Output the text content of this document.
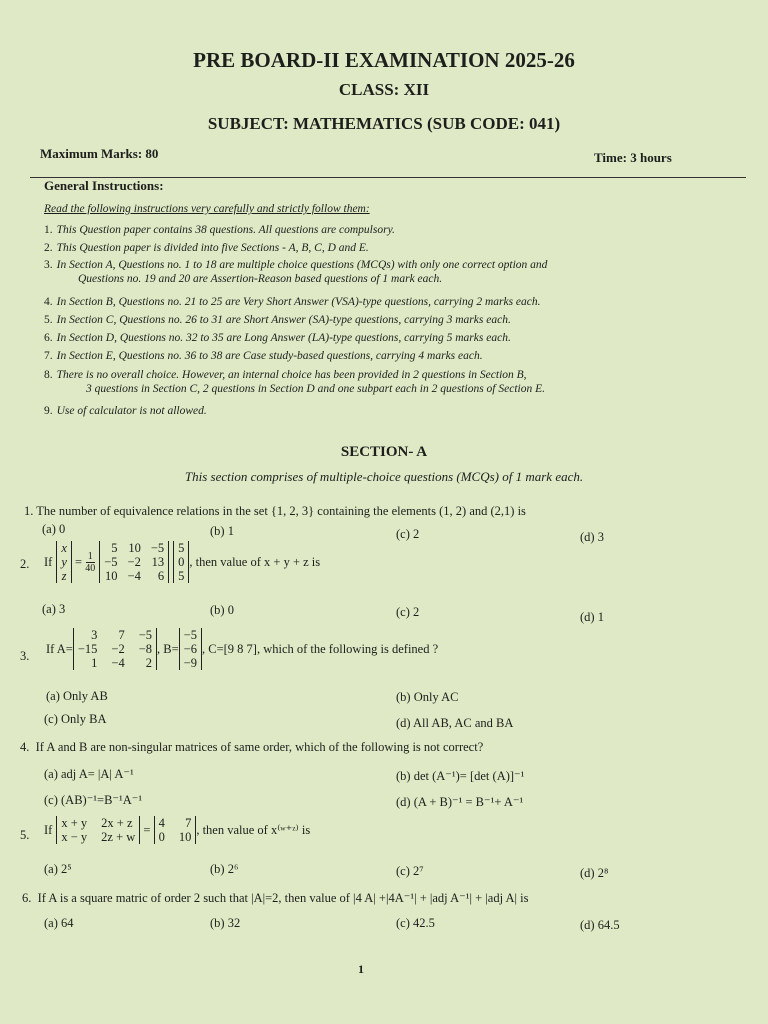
PRE BOARD-II EXAMINATION 2025-26
CLASS: XII
SUBJECT: MATHEMATICS (SUB CODE: 041)
Maximum Marks: 80	Time: 3 hours
General Instructions:
Read the following instructions very carefully and strictly follow them:
1. This Question paper contains 38 questions. All questions are compulsory.
2. This Question paper is divided into five Sections - A, B, C, D and E.
3. In Section A, Questions no. 1 to 18 are multiple choice questions (MCQs) with only one correct option and
Questions no. 19 and 20 are Assertion-Reason based questions of 1 mark each.
4. In Section B, Questions no. 21 to 25 are Very Short Answer (VSA)-type questions, carrying 2 marks each.
5. In Section C, Questions no. 26 to 31 are Short Answer (SA)-type questions, carrying 3 marks each.
6. In Section D, Questions no. 32 to 35 are Long Answer (LA)-type questions, carrying 5 marks each.
7. In Section E, Questions no. 36 to 38 are Case study-based questions, carrying 4 marks each.
8. There is no overall choice. However, an internal choice has been provided in 2 questions in Section B,
3 questions in Section C, 2 questions in Section D and one subpart each in 2 questions of Section E.
9. Use of calculator is not allowed.
SECTION- A
This section comprises of multiple-choice questions (MCQs) of 1 mark each.
1. The number of equivalence relations in the set {1, 2, 3} containing the elements (1, 2) and (2,1) is
(a) 0	(b) 1	(c) 2	(d) 3
2. If

x
y
z
= $\frac{1}{40}$

5 10 −5
−5 −2 13
10 −4	6

5
0
5
, then value of x + y + z is
(a) 3	(b) 0	(c) 2	(d) 1
3.
If A=
3	7 −5
−15 −2 −8
1 −4	2
, B=
−5
−6
−9
, C=[9 8 7], which of the following is defined ?
(a) Only AB	(b) Only AC
(c) Only BA	(d) All AB, AC and BA
4. If A and B are non-singular matrices of same order, which of the following is not correct?
(a) adj A= |A| A⁻¹	(b) det (A⁻¹)= [det (A)]⁻¹
(c) (AB)⁻¹=B⁻¹A⁻¹	(d) (A + B)⁻¹ = B⁻¹+ A⁻¹
5. If
x + y 2x + z
x − y 2z + w
= 4	7
0 10 , then value of x⁽ʷ⁺ᶻ⁾ is
(a) 2⁵	(b) 2⁶	(c) 2⁷	(d) 2⁸
6. If A is a square matric of order 2 such that |A|=2, then value of |4 A| +|4A⁻¹| + |adj A⁻¹| + |adj A| is
(a) 64	(b) 32	(c) 42.5	(d) 64.5
1
